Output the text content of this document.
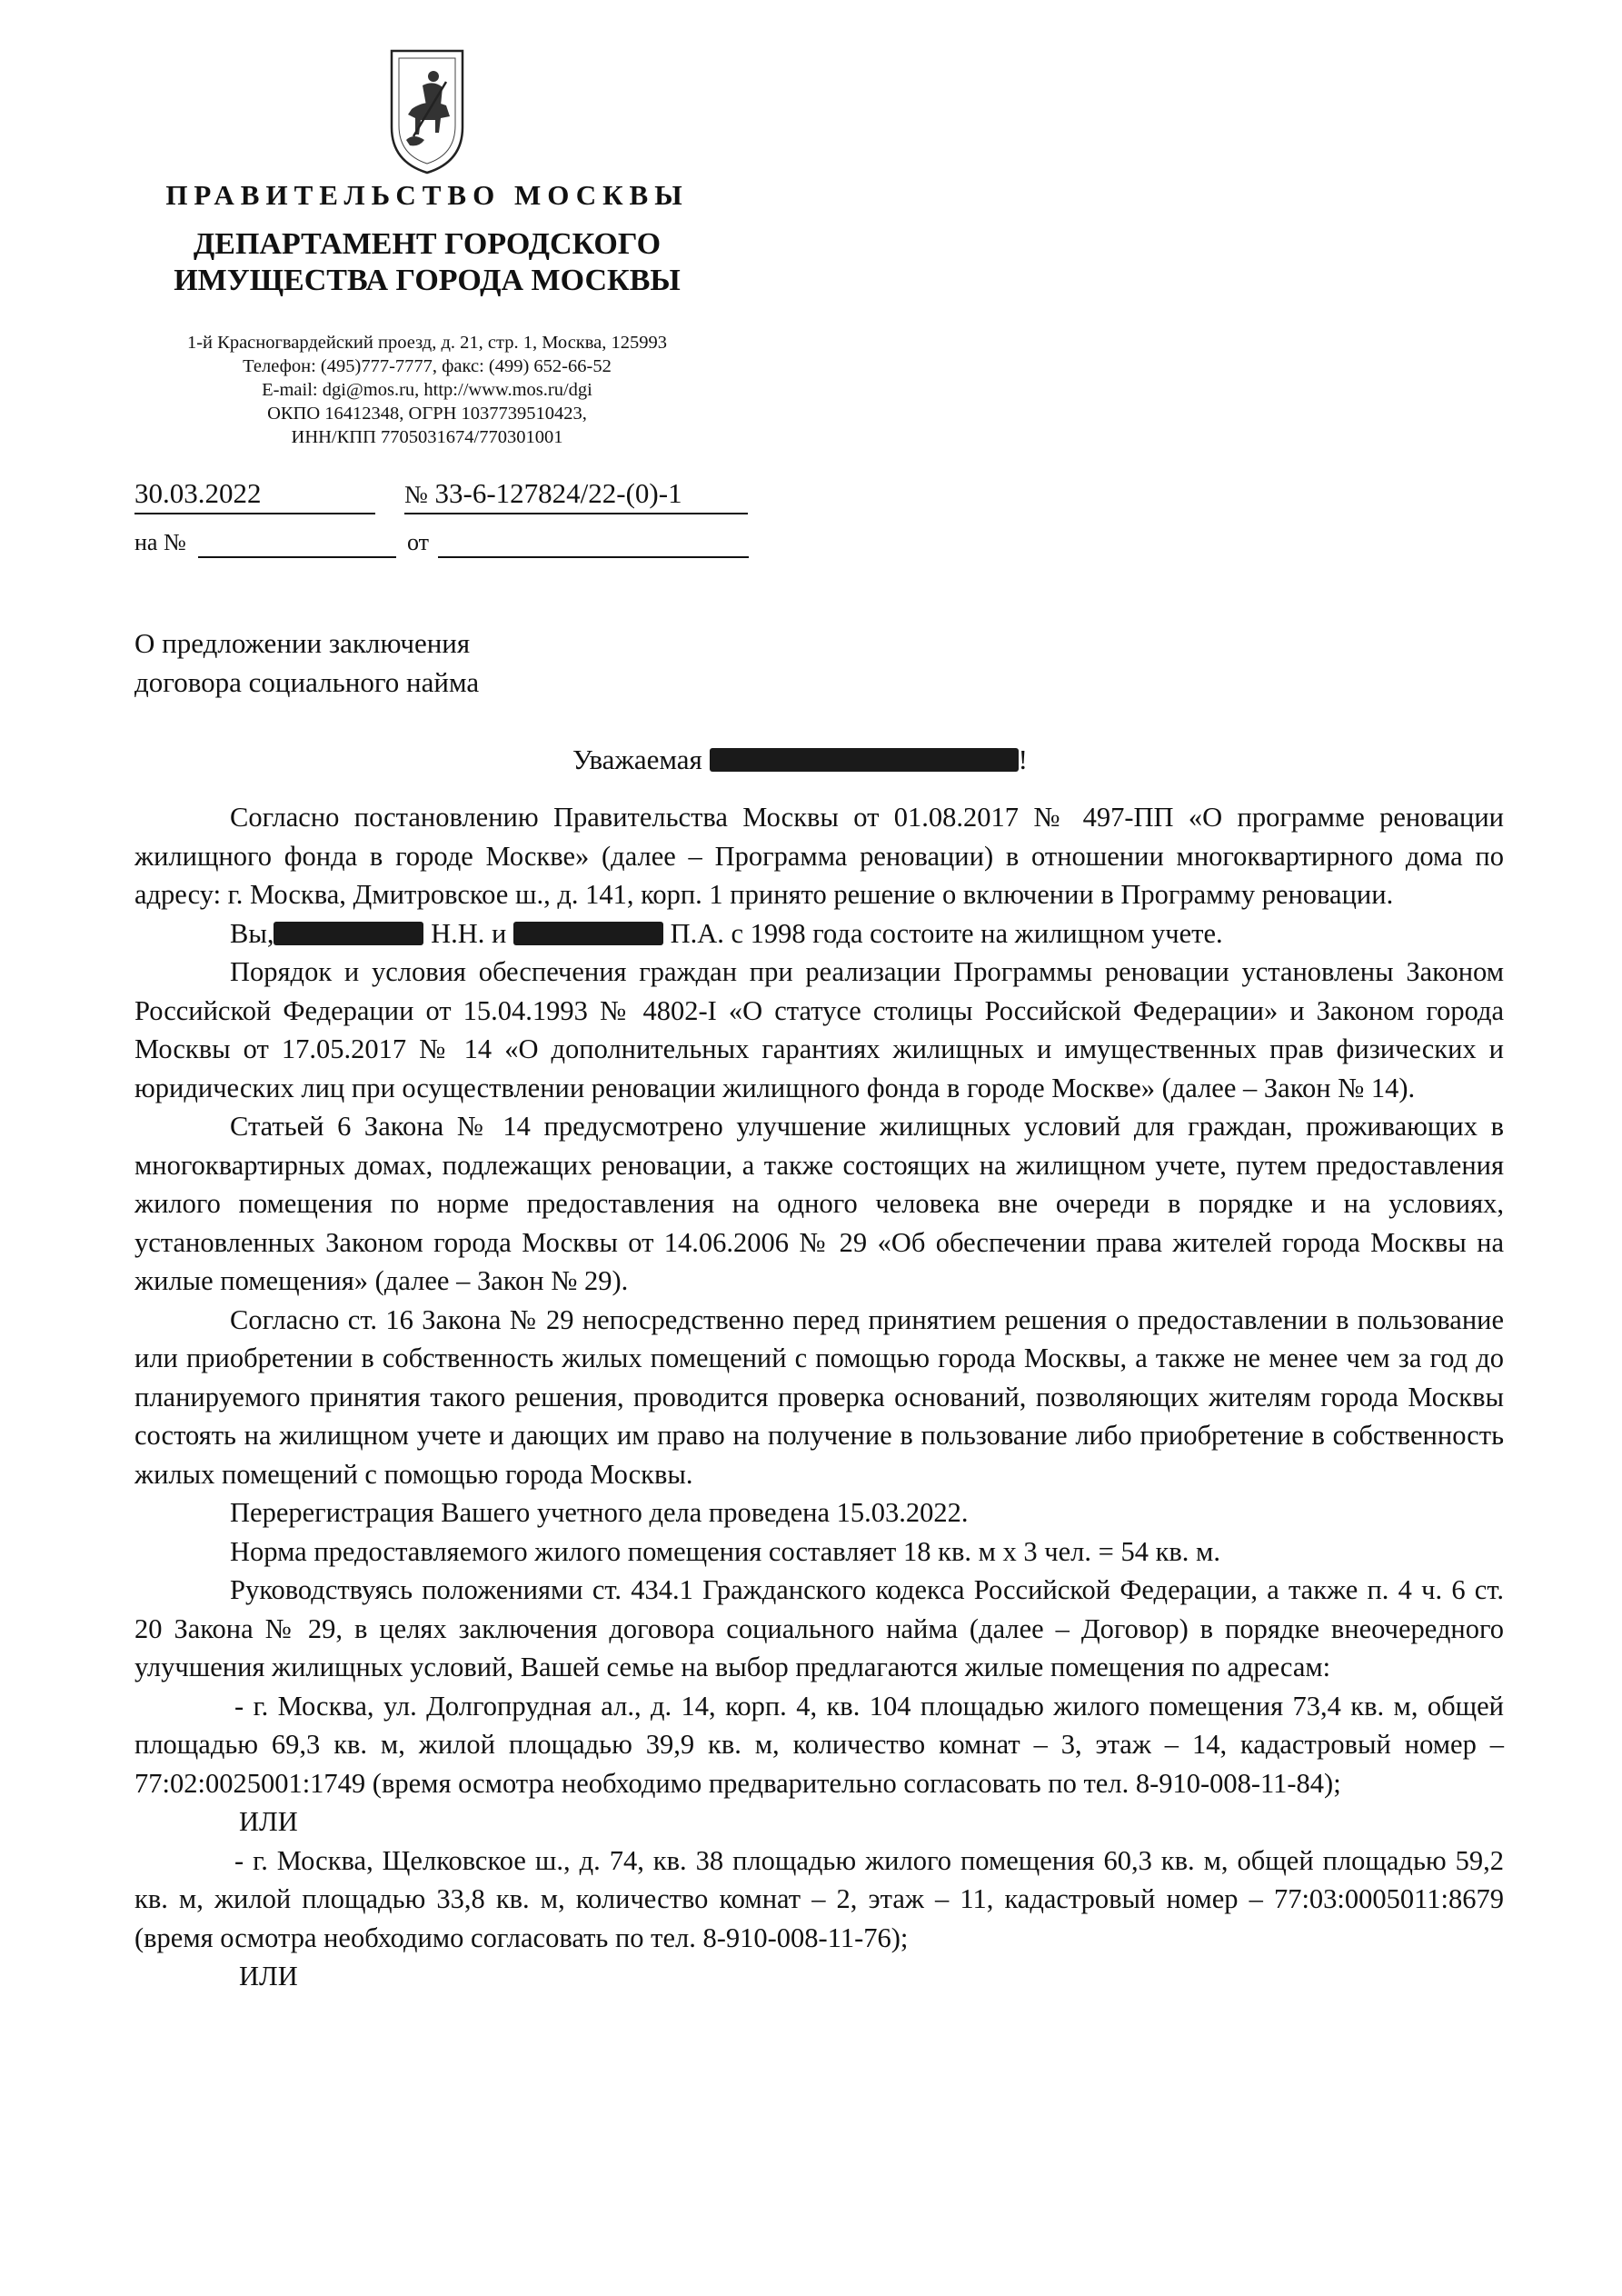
ПРАВИТЕЛЬСТВО МОСКВЫ
ДЕПАРТАМЕНТ ГОРОДСКОГО
ИМУЩЕСТВА ГОРОДА МОСКВЫ
1-й Красногвардейский проезд, д. 21, стр. 1, Москва, 125993
Телефон: (495)777-7777, факс: (499) 652-66-52
E-mail: dgi@mos.ru, http://www.mos.ru/dgi
ОКПО 16412348, ОГРН 1037739510423,
ИНН/КПП 7705031674/770301001
30.03.2022	№ 33-6-127824/22-(0)-1
на №	от
О предложении заключения
договора социального найма
Уважаемая	!

Согласно постановлению Правительства Москвы от 01.08.2017 № 497-ПП «О программе реновации жилищного фонда в городе Москве» (далее – Программа реновации) в отношении многоквартирного дома по адресу: г. Москва, Дмитровское ш., д. 141, корп. 1 принято решение о включении в Программу реновации.

Вы,	Н.Н. и	П.А. с 1998 года состоите на жилищном учете.

Порядок и условия обеспечения граждан при реализации Программы реновации установлены Законом Российской Федерации от 15.04.1993 № 4802-I «О статусе столицы Российской Федерации» и Законом города Москвы от 17.05.2017 № 14 «О дополнительных гарантиях жилищных и имущественных прав физических и юридических лиц при осуществлении реновации жилищного фонда в городе Москве» (далее – Закон № 14).

Статьей 6 Закона № 14 предусмотрено улучшение жилищных условий для граждан, проживающих в многоквартирных домах, подлежащих реновации, а также состоящих на жилищном учете, путем предоставления жилого помещения по норме предоставления на одного человека вне очереди в порядке и на условиях, установленных Законом города Москвы от 14.06.2006 № 29 «Об обеспечении права жителей города Москвы на жилые помещения» (далее – Закон № 29).

Согласно ст. 16 Закона № 29 непосредственно перед принятием решения о предоставлении в пользование или приобретении в собственность жилых помещений с помощью города Москвы, а также не менее чем за год до планируемого принятия такого решения, проводится проверка оснований, позволяющих жителям города Москвы состоять на жилищном учете и дающих им право на получение в пользование либо приобретение в собственность жилых помещений с помощью города Москвы.

Перерегистрация Вашего учетного дела проведена 15.03.2022.

Норма предоставляемого жилого помещения составляет 18 кв. м х 3 чел. = 54 кв. м.

Руководствуясь положениями ст. 434.1 Гражданского кодекса Российской Федерации, а также п. 4 ч. 6 ст. 20 Закона № 29, в целях заключения договора социального найма (далее – Договор) в порядке внеочередного улучшения жилищных условий, Вашей семье на выбор предлагаются жилые помещения по адресам:

- г. Москва, ул. Долгопрудная ал., д. 14, корп. 4, кв. 104 площадью жилого помещения 73,4 кв. м, общей площадью 69,3 кв. м, жилой площадью 39,9 кв. м, количество комнат – 3, этаж – 14, кадастровый номер – 77:02:0025001:1749 (время осмотра необходимо предварительно согласовать по тел. 8-910-008-11-84);

ИЛИ

- г. Москва, Щелковское ш., д. 74, кв. 38 площадью жилого помещения 60,3 кв. м, общей площадью 59,2 кв. м, жилой площадью 33,8 кв. м, количество комнат – 2, этаж – 11, кадастровый номер – 77:03:0005011:8679 (время осмотра необходимо согласовать по тел. 8-910-008-11-76);

ИЛИ
